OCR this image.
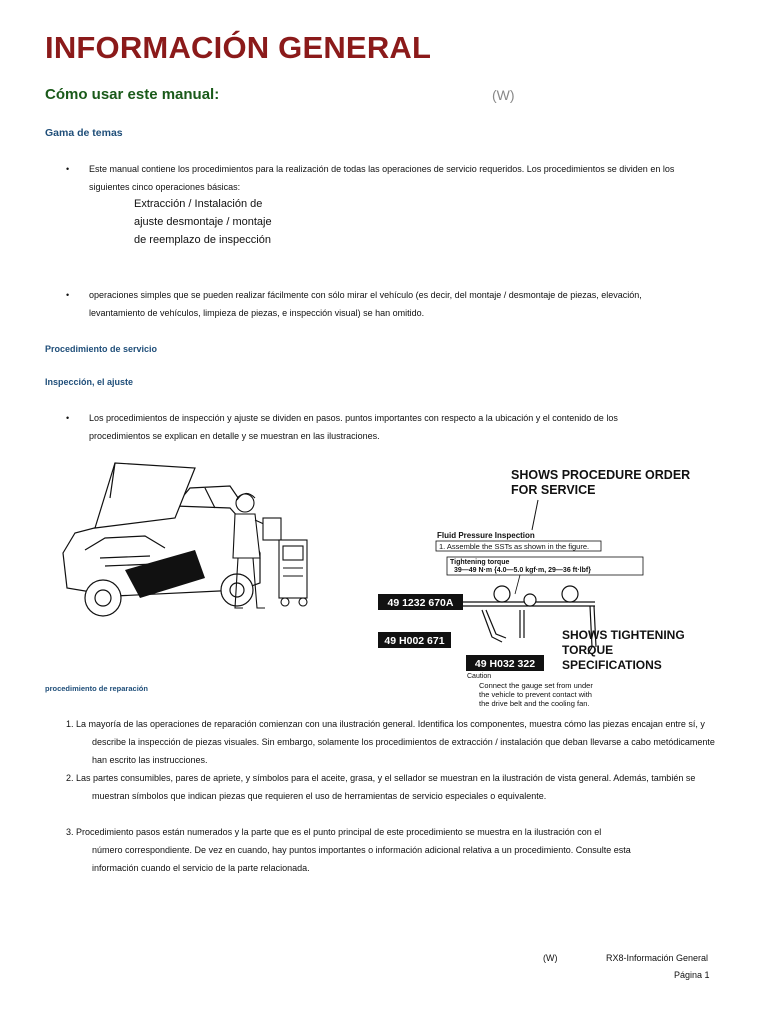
INFORMACIÓN GENERAL
Cómo usar este manual:	(W)
Gama de temas
• Este manual contiene los procedimientos para la realización de todas las operaciones de servicio requeridos. Los procedimientos se dividen en los
siguientes cinco operaciones básicas:
Extracción / Instalación de
ajuste desmontaje / montaje
de reemplazo de inspección
• operaciones simples que se pueden realizar fácilmente con sólo mirar el vehículo (es decir, del montaje / desmontaje de piezas, elevación,
levantamiento de vehículos, limpieza de piezas, e inspección visual) se han omitido.
Procedimiento de servicio
Inspección, el ajuste
• Los procedimientos de inspección y ajuste se dividen en pasos. puntos importantes con respecto a la ubicación y el contenido de los
procedimientos se explican en detalle y se muestran en las ilustraciones.
SHOWS PROCEDURE ORDER
FOR SERVICE
Fluid Pressure Inspection
1. Assemble the SSTs as shown in the figure.
Tightening torque
39—49 N·m {4.0—5.0 kgf·m, 29—36 ft·lbf}
49 1232 670A
49 H002 671
49 H032 322
SHOWS TIGHTENING
TORQUE
SPECIFICATIONS
Caution
Connect the gauge set from under
the vehicle to prevent contact with
the drive belt and the cooling fan.
procedimiento de reparación
1. La mayoría de las operaciones de reparación comienzan con una ilustración general. Identifica los componentes, muestra cómo las piezas encajan entre sí, y
describe la inspección de piezas visuales. Sin embargo, solamente los procedimientos de extracción / instalación que deban llevarse a cabo metódicamente
han escrito las instrucciones.
2. Las partes consumibles, pares de apriete, y símbolos para el aceite, grasa, y el sellador se muestran en la ilustración de vista general. Además, también se
muestran símbolos que indican piezas que requieren el uso de herramientas de servicio especiales o equivalente.
3. Procedimiento pasos están numerados y la parte que es el punto principal de este procedimiento se muestra en la ilustración con el
número correspondiente. De vez en cuando, hay puntos importantes o información adicional relativa a un procedimiento. Consulte esta
información cuando el servicio de la parte relacionada.
(W)	RX8-Información General
Página 1
